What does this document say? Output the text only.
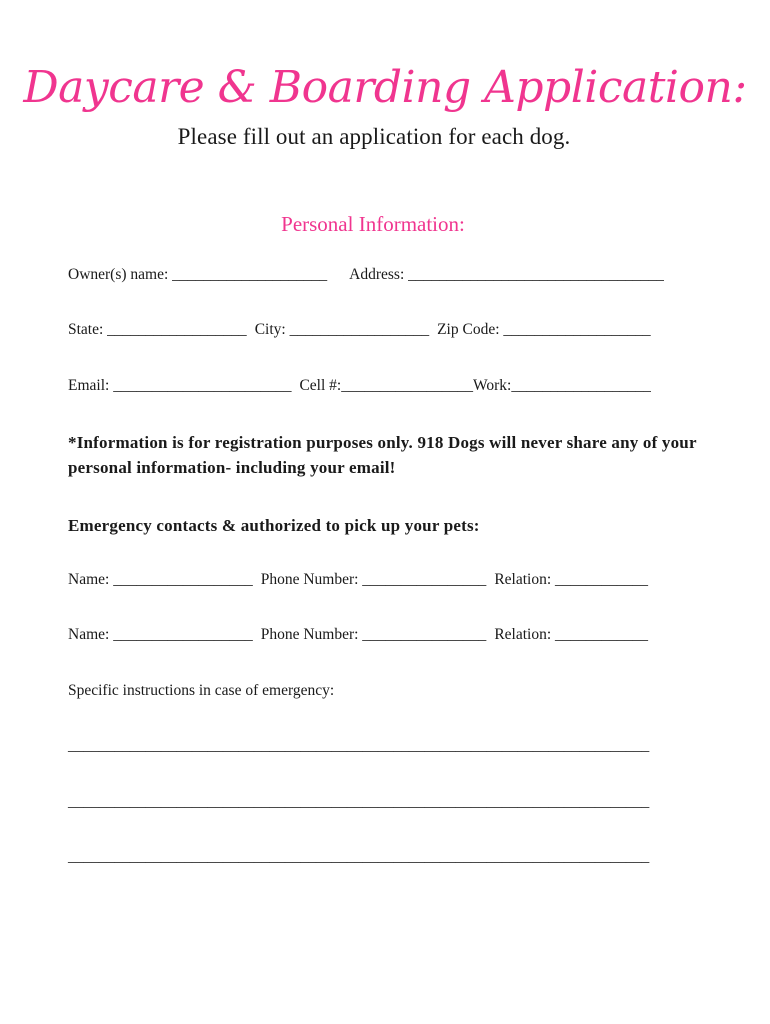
Daycare & Boarding Application:
Please fill out an application for each dog.
Personal Information:
Owner(s) name: ____________________ Address: _________________________________
State: __________________ City: __________________ Zip Code: ___________________
Email: _______________________ Cell #:_________________Work:__________________
*Information is for registration purposes only. 918 Dogs will never share any of your personal information- including your email!
Emergency contacts & authorized to pick up your pets:
Name: __________________ Phone Number: ________________ Relation: ____________
Name: __________________ Phone Number: ________________ Relation: ____________
Specific instructions in case of emergency:
___________________________________________________________________________
___________________________________________________________________________
___________________________________________________________________________
